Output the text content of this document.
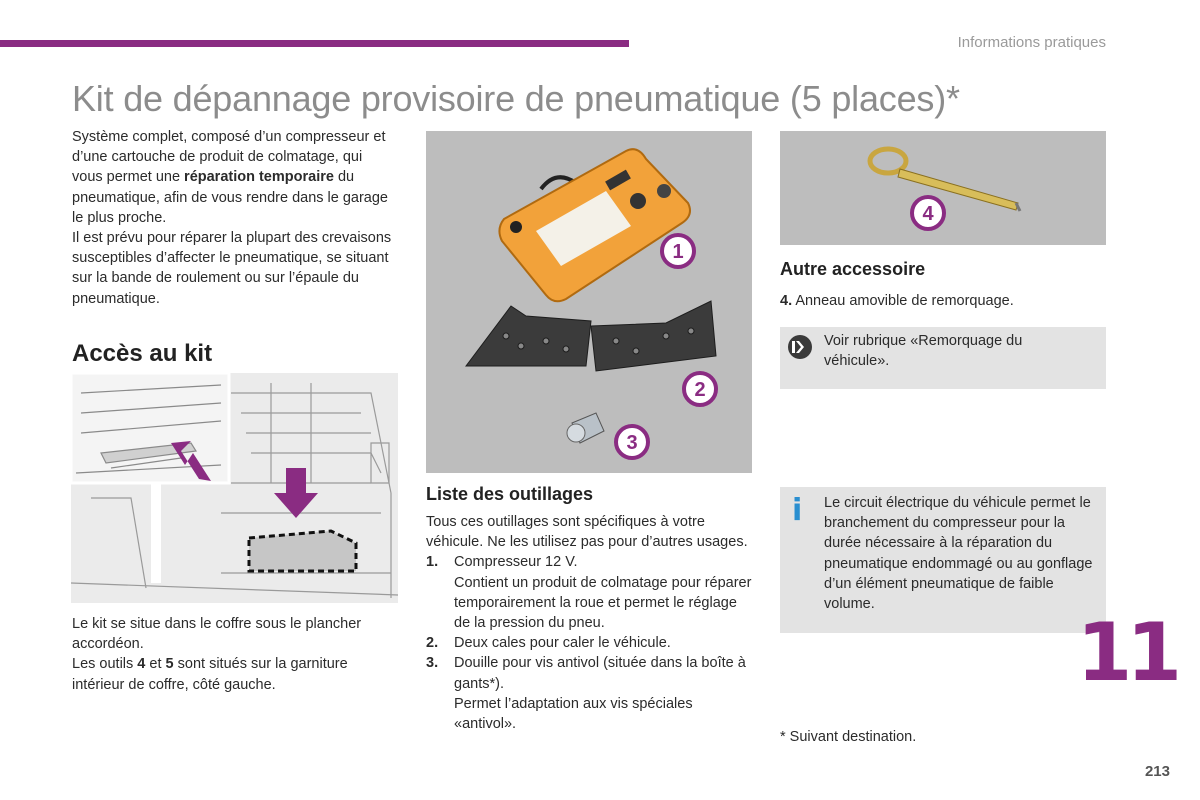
Informations pratiques
Kit de dépannage provisoire de pneumatique (5 places)*
Système complet, composé d’un compresseur et d’une cartouche de produit de colmatage, qui vous permet une réparation temporaire du pneumatique, afin de vous rendre dans le garage le plus proche.
Il est prévu pour réparer la plupart des crevaisons susceptibles d’affecter le pneumatique, se situant sur la bande de roulement ou sur l’épaule du pneumatique.
Accès au kit
Le kit se situe dans le coffre sous le plancher accordéon.
Les outils 4 et 5 sont situés sur la garniture intérieur de coffre, côté gauche.
1
2
3
Liste des outillages
Tous ces outillages sont spécifiques à votre véhicule. Ne les utilisez pas pour d’autres usages.
1. Compresseur 12 V.
Contient un produit de colmatage pour réparer temporairement la roue et permet le réglage de la pression du pneu.
2. Deux cales pour caler le véhicule.
3. Douille pour vis antivol (située dans la boîte à gants*).
Permet l’adaptation aux vis spéciales «antivol».
4
Autre accessoire
4. Anneau amovible de remorquage.
Voir rubrique «Remorquage du véhicule».
i Le circuit électrique du véhicule permet le branchement du compresseur pour la durée nécessaire à la réparation du pneumatique endommagé ou au gonflage d’un élément pneumatique de faible volume.
* Suivant destination.
11
213
